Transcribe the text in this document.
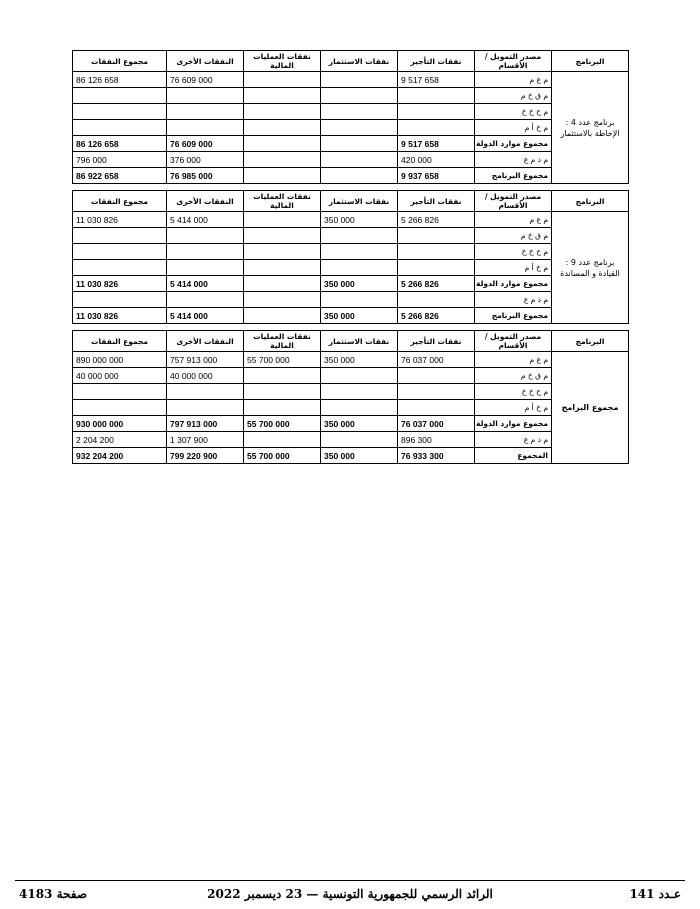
البرنامج	مصدر التمويل / الأقسام	نفقات التأجير	نفقات الاستثمار	نفقات العمليات المالية	النفقات الأخرى	مجموع النفقات
برنامج عدد 4 : الإحاطة بالاستثمار	م ع م	9 517 658			76 609 000	86 126 658
	م ق خ م					
	م ح خ خ					
	م خ أ م					
	مجموع موارد الدولة	9 517 658			76 609 000	86 126 658
	م ذ م ع	420 000			376 000	796 000
	مجموع البرنامج	9 937 658			76 985 000	86 922 658
البرنامج	مصدر التمويل / الأقسام	نفقات التأجير	نفقات الاستثمار	نفقات العمليات المالية	النفقات الأخرى	مجموع النفقات
برنامج عدد 9 : القيادة و المساندة	م ع م	5 266 826	350 000		5 414 000	11 030 826
	م ق خ م					
	م ح خ خ					
	م خ أ م					
	مجموع موارد الدولة	5 266 826	350 000		5 414 000	11 030 826
	م ذ م ع					
	مجموع البرنامج	5 266 826	350 000		5 414 000	11 030 826
البرنامج	مصدر التمويل / الأقسام	نفقات التأجير	نفقات الاستثمار	نفقات العمليات المالية	النفقات الأخرى	مجموع النفقات
مجموع البرامج	م ع م	76 037 000	350 000	55 700 000	757 913 000	890 000 000
	م ق خ م				40 000 000	40 000 000
	م ح خ خ					
	م خ أ م					
	مجموع موارد الدولة	76 037 000	350 000	55 700 000	797 913 000	930 000 000
	م ذ م ع	896 300			1 307 900	2 204 200
	المجموع	76 933 300	350 000	55 700 000	799 220 900	932 204 200
عـدد 141
الرائد الرسمي للجمهورية التونسية — 23 ديسمبر 2022
صفحة 4183
